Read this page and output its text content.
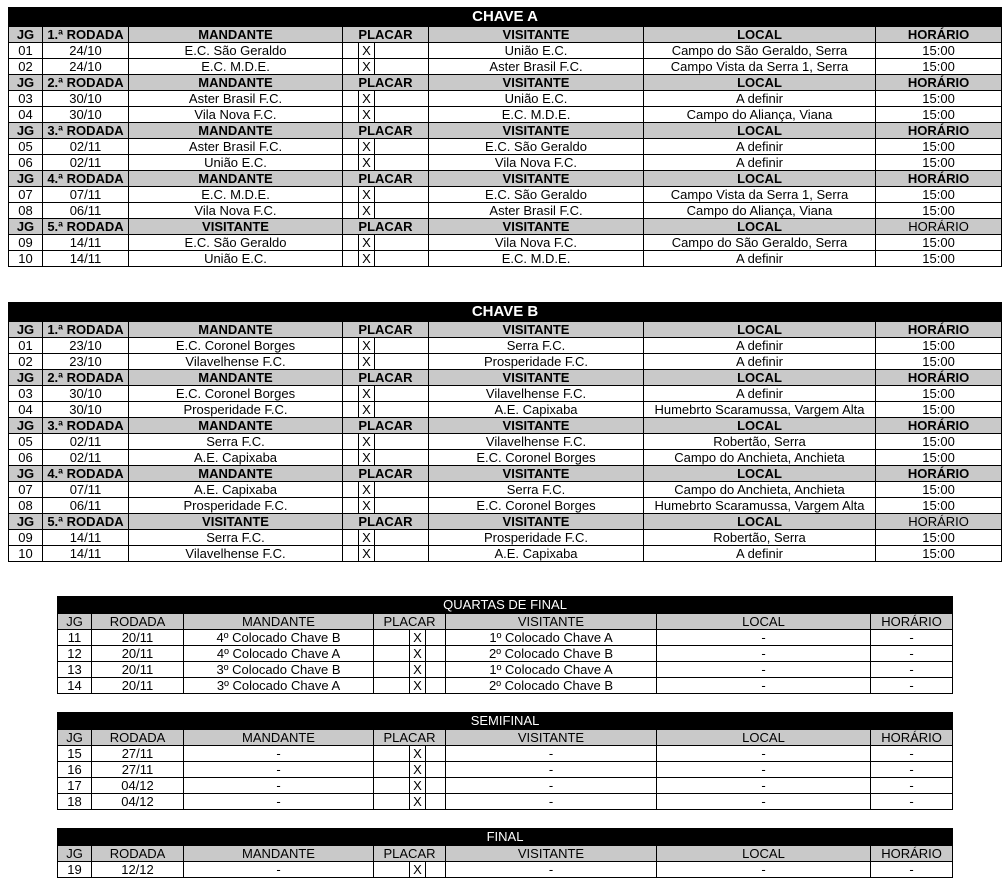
CHAVE A								
JG	1.ª RODADA	MANDANTE	PLACAR			VISITANTE	LOCAL	HORÁRIO
01	24/10	E.C. São Geraldo		X		União E.C.	Campo do São Geraldo, Serra	15:00
02	24/10	E.C. M.D.E.		X		Aster Brasil F.C.	Campo Vista da Serra 1, Serra	15:00
JG	2.ª RODADA	MANDANTE	PLACAR			VISITANTE	LOCAL	HORÁRIO
03	30/10	Aster Brasil F.C.		X		União E.C.	A definir	15:00
04	30/10	Vila Nova F.C.		X		E.C. M.D.E.	Campo do Aliança, Viana	15:00
JG	3.ª RODADA	MANDANTE	PLACAR			VISITANTE	LOCAL	HORÁRIO
05	02/11	Aster Brasil F.C.		X		E.C. São Geraldo	A definir	15:00
06	02/11	União E.C.		X		Vila Nova F.C.	A definir	15:00
JG	4.ª RODADA	MANDANTE	PLACAR			VISITANTE	LOCAL	HORÁRIO
07	07/11	E.C. M.D.E.		X		E.C. São Geraldo	Campo Vista da Serra 1, Serra	15:00
08	06/11	Vila Nova F.C.		X		Aster Brasil F.C.	Campo do Aliança, Viana	15:00
JG	5.ª RODADA	VISITANTE	PLACAR			VISITANTE	LOCAL	HORÁRIO
09	14/11	E.C. São Geraldo		X		Vila Nova F.C.	Campo do São Geraldo, Serra	15:00
10	14/11	União E.C.		X		E.C. M.D.E.	A definir	15:00
CHAVE B								
JG	1.ª RODADA	MANDANTE	PLACAR			VISITANTE	LOCAL	HORÁRIO
01	23/10	E.C. Coronel Borges		X		Serra F.C.	A definir	15:00
02	23/10	Vilavelhense F.C.		X		Prosperidade F.C.	A definir	15:00
JG	2.ª RODADA	MANDANTE	PLACAR			VISITANTE	LOCAL	HORÁRIO
03	30/10	E.C. Coronel Borges		X		Vilavelhense F.C.	A definir	15:00
04	30/10	Prosperidade F.C.		X		A.E. Capixaba	Humebrto Scaramussa, Vargem Alta	15:00
JG	3.ª RODADA	MANDANTE	PLACAR			VISITANTE	LOCAL	HORÁRIO
05	02/11	Serra F.C.		X		Vilavelhense F.C.	Robertão, Serra	15:00
06	02/11	A.E. Capixaba		X		E.C. Coronel Borges	Campo do Anchieta, Anchieta	15:00
JG	4.ª RODADA	MANDANTE	PLACAR			VISITANTE	LOCAL	HORÁRIO
07	07/11	A.E. Capixaba		X		Serra F.C.	Campo do Anchieta, Anchieta	15:00
08	06/11	Prosperidade F.C.		X		E.C. Coronel Borges	Humebrto Scaramussa, Vargem Alta	15:00
JG	5.ª RODADA	VISITANTE	PLACAR			VISITANTE	LOCAL	HORÁRIO
09	14/11	Serra F.C.		X		Prosperidade F.C.	Robertão, Serra	15:00
10	14/11	Vilavelhense F.C.		X		A.E. Capixaba	A definir	15:00
QUARTAS DE FINAL								
JG	RODADA	MANDANTE	PLACAR			VISITANTE	LOCAL	HORÁRIO
11	20/11	4º Colocado Chave B		X		1º Colocado Chave A	-	-
12	20/11	4º Colocado Chave A		X		2º Colocado Chave B	-	-
13	20/11	3º Colocado Chave B		X		1º Colocado Chave A	-	-
14	20/11	3º Colocado Chave A		X		2º Colocado Chave B	-	-
SEMIFINAL								
JG	RODADA	MANDANTE	PLACAR			VISITANTE	LOCAL	HORÁRIO
15	27/11	-		X		-	-	-
16	27/11	-		X		-	-	-
17	04/12	-		X		-	-	-
18	04/12	-		X		-	-	-
FINAL								
JG	RODADA	MANDANTE	PLACAR			VISITANTE	LOCAL	HORÁRIO
19	12/12	-		X		-	-	-
